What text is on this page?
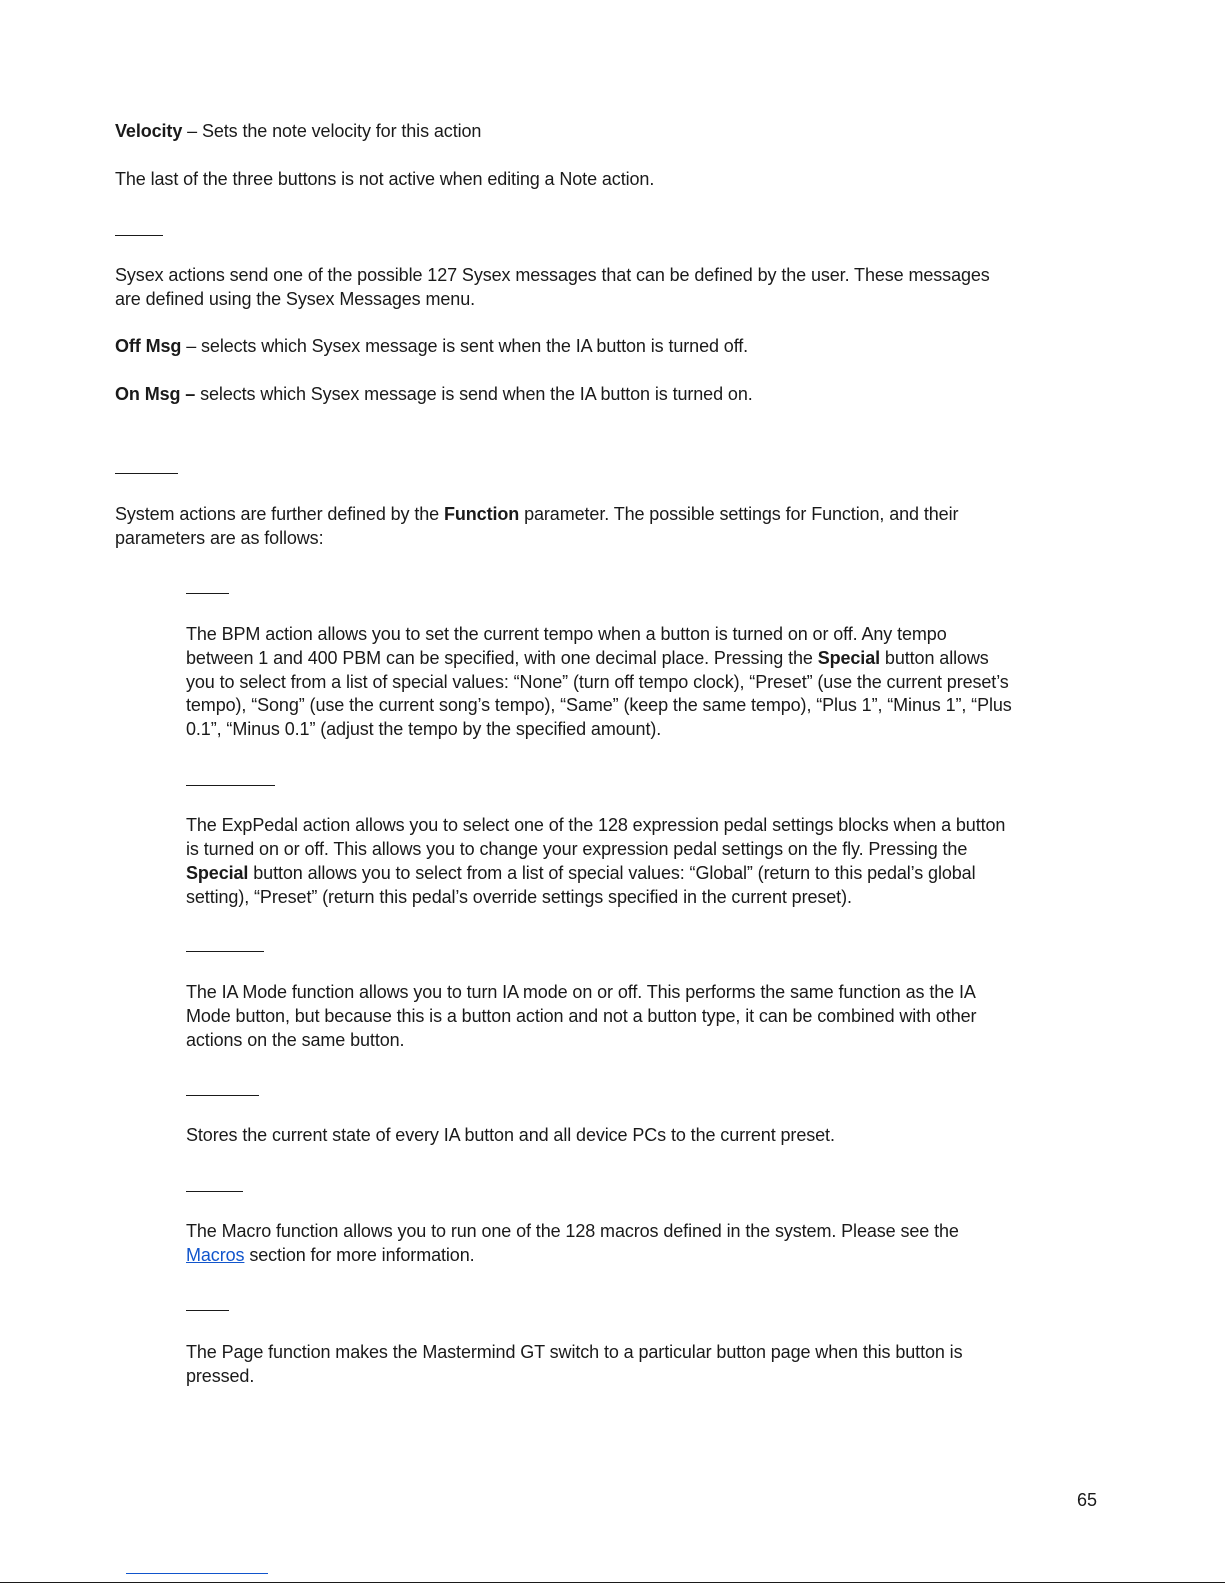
Velocity – Sets the note velocity for this action

The last of the three buttons is not active when editing a Note action.

Sysex actions send one of the possible 127 Sysex messages that can be defined by the user. These messages

are defined using the Sysex Messages menu.

Off Msg – selects which Sysex message is sent when the IA button is turned off.

On Msg – selects which Sysex message is send when the IA button is turned on.

System actions are further defined by the Function parameter. The possible settings for Function, and their

parameters are as follows:

The BPM action allows you to set the current tempo when a button is turned on or off. Any tempo

between 1 and 400 PBM can be specified, with one decimal place. Pressing the Special button allows

you to select from a list of special values: “None” (turn off tempo clock), “Preset” (use the current preset’s

tempo), “Song” (use the current song’s tempo), “Same” (keep the same tempo), “Plus 1”, “Minus 1”, “Plus

0.1”, “Minus 0.1” (adjust the tempo by the specified amount).

The ExpPedal action allows you to select one of the 128 expression pedal settings blocks when a button

is turned on or off. This allows you to change your expression pedal settings on the fly. Pressing the

Special button allows you to select from a list of special values: “Global” (return to this pedal’s global

setting), “Preset” (return this pedal’s override settings specified in the current preset).

The IA Mode function allows you to turn IA mode on or off. This performs the same function as the IA

Mode button, but because this is a button action and not a button type, it can be combined with other

actions on the same button.

Stores the current state of every IA button and all device PCs to the current preset.

The Macro function allows you to run one of the 128 macros defined in the system. Please see the

Macros section for more information.

The Page function makes the Mastermind GT switch to a particular button page when this button is

pressed.

65
